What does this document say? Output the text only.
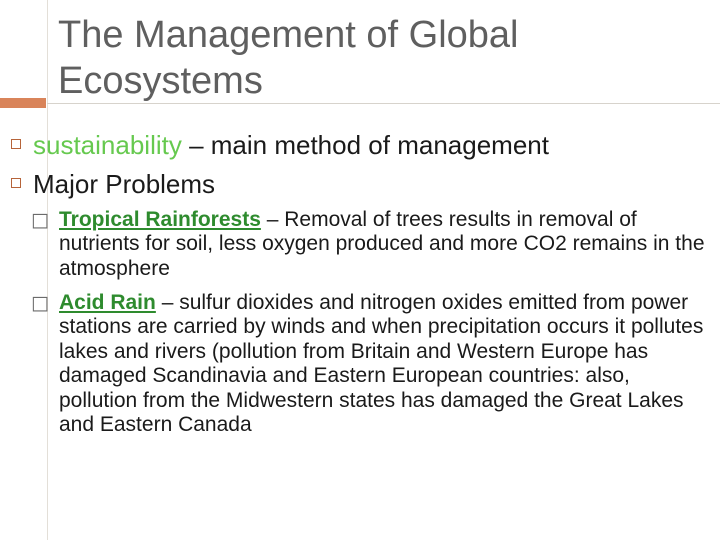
The Management of Global Ecosystems
sustainability – main method of management
Major Problems
□ Tropical Rainforests – Removal of trees results in removal of nutrients for soil, less oxygen produced and more CO2 remains in the atmosphere
□ Acid Rain – sulfur dioxides and nitrogen oxides emitted from power stations are carried by winds and when precipitation occurs it pollutes lakes and rivers (pollution from Britain and Western Europe has damaged Scandinavia and Eastern European countries: also, pollution from the Midwestern states has damaged the Great Lakes and Eastern Canada
